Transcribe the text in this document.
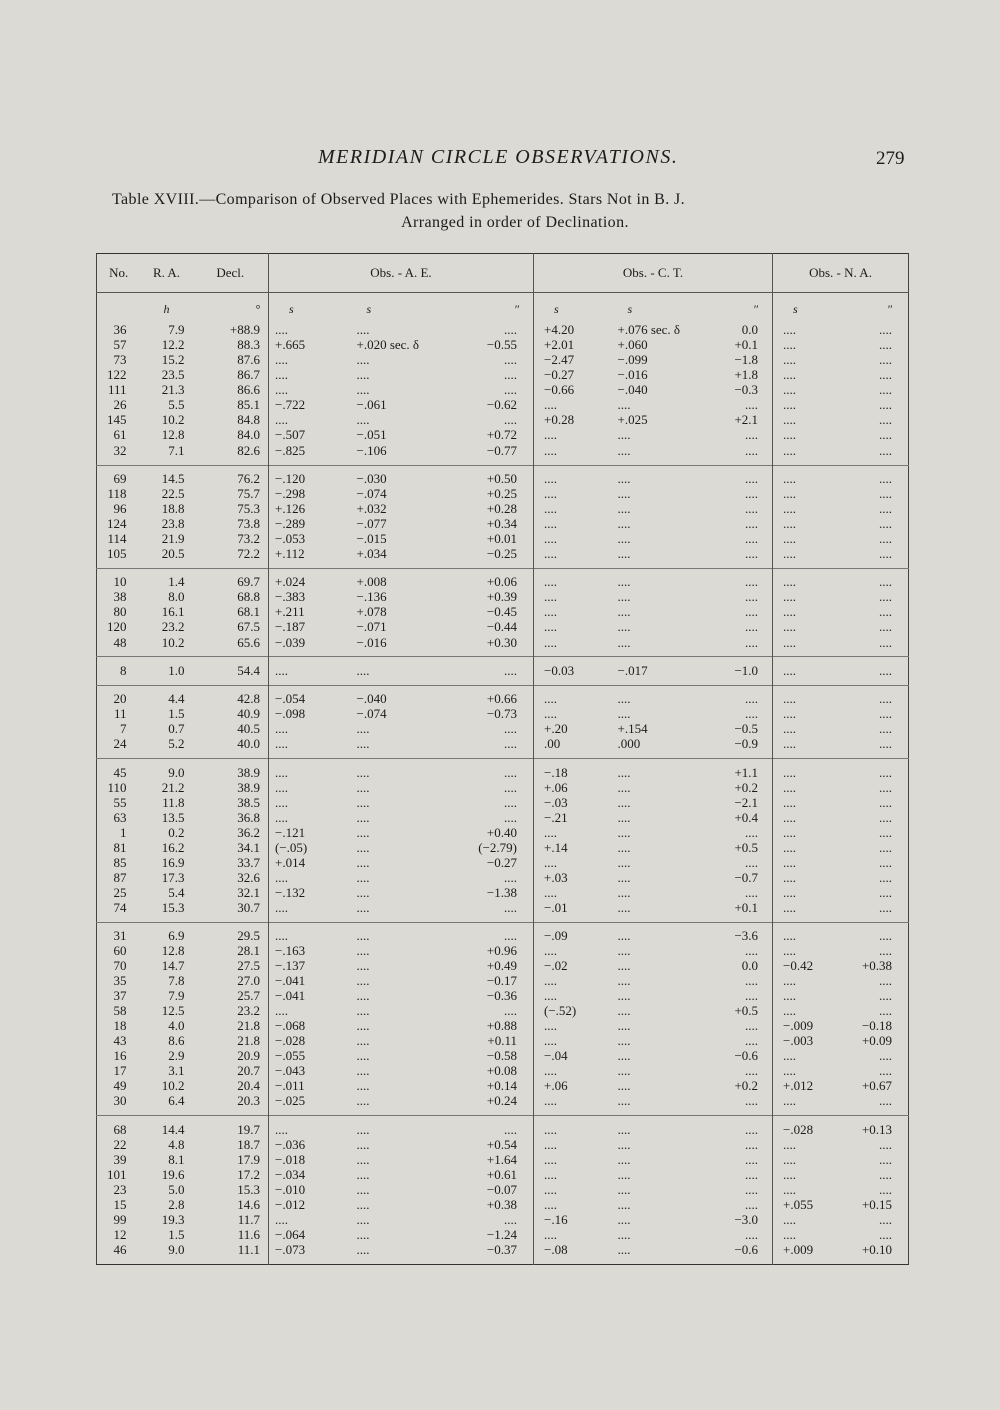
MERIDIAN CIRCLE OBSERVATIONS.	279
Table XVIII.—Comparison of Observed Places with Ephemerides. Stars Not in B. J.
Arranged in order of Declination.
No.	R. A.	Decl.	Obs. - A. E.			Obs. - C. T.			Obs. - N. A.	
	h	°	s	s	″	s	s	″	s	″
36	7.9	+88.9	....	....	....	+4.20	+.076 sec. δ	0.0	....	....
57	12.2	88.3	+.665	+.020 sec. δ	−0.55	+2.01	+.060	+0.1	....	....
73	15.2	87.6	....	....	....	−2.47	−.099	−1.8	....	....
122	23.5	86.7	....	....	....	−0.27	−.016	+1.8	....	....
111	21.3	86.6	....	....	....	−0.66	−.040	−0.3	....	....
26	5.5	85.1	−.722	−.061	−0.62	....	....	....	....	....
145	10.2	84.8	....	....	....	+0.28	+.025	+2.1	....	....
61	12.8	84.0	−.507	−.051	+0.72	....	....	....	....	....
32	7.1	82.6	−.825	−.106	−0.77	....	....	....	....	....
69	14.5	76.2	−.120	−.030	+0.50	....	....	....	....	....
118	22.5	75.7	−.298	−.074	+0.25	....	....	....	....	....
96	18.8	75.3	+.126	+.032	+0.28	....	....	....	....	....
124	23.8	73.8	−.289	−.077	+0.34	....	....	....	....	....
114	21.9	73.2	−.053	−.015	+0.01	....	....	....	....	....
105	20.5	72.2	+.112	+.034	−0.25	....	....	....	....	....
10	1.4	69.7	+.024	+.008	+0.06	....	....	....	....	....
38	8.0	68.8	−.383	−.136	+0.39	....	....	....	....	....
80	16.1	68.1	+.211	+.078	−0.45	....	....	....	....	....
120	23.2	67.5	−.187	−.071	−0.44	....	....	....	....	....
48	10.2	65.6	−.039	−.016	+0.30	....	....	....	....	....
8	1.0	54.4	....	....	....	−0.03	−.017	−1.0	....	....
20	4.4	42.8	−.054	−.040	+0.66	....	....	....	....	....
11	1.5	40.9	−.098	−.074	−0.73	....	....	....	....	....
7	0.7	40.5	....	....	....	+.20	+.154	−0.5	....	....
24	5.2	40.0	....	....	....	.00	.000	−0.9	....	....
45	9.0	38.9	....	....	....	−.18	....	+1.1	....	....
110	21.2	38.9	....	....	....	+.06	....	+0.2	....	....
55	11.8	38.5	....	....	....	−.03	....	−2.1	....	....
63	13.5	36.8	....	....	....	−.21	....	+0.4	....	....
1	0.2	36.2	−.121	....	+0.40	....	....	....	....	....
81	16.2	34.1	(−.05)	....	(−2.79)	+.14	....	+0.5	....	....
85	16.9	33.7	+.014	....	−0.27	....	....	....	....	....
87	17.3	32.6	....	....	....	+.03	....	−0.7	....	....
25	5.4	32.1	−.132	....	−1.38	....	....	....	....	....
74	15.3	30.7	....	....	....	−.01	....	+0.1	....	....
31	6.9	29.5	....	....	....	−.09	....	−3.6	....	....
60	12.8	28.1	−.163	....	+0.96	....	....	....	....	....
70	14.7	27.5	−.137	....	+0.49	−.02	....	0.0	−0.42	+0.38
35	7.8	27.0	−.041	....	−0.17	....	....	....	....	....
37	7.9	25.7	−.041	....	−0.36	....	....	....	....	....
58	12.5	23.2	....	....	....	(−.52)	....	+0.5	....	....
18	4.0	21.8	−.068	....	+0.88	....	....	....	−.009	−0.18
43	8.6	21.8	−.028	....	+0.11	....	....	....	−.003	+0.09
16	2.9	20.9	−.055	....	−0.58	−.04	....	−0.6	....	....
17	3.1	20.7	−.043	....	+0.08	....	....	....	....	....
49	10.2	20.4	−.011	....	+0.14	+.06	....	+0.2	+.012	+0.67
30	6.4	20.3	−.025	....	+0.24	....	....	....	....	....
68	14.4	19.7	....	....	....	....	....	....	−.028	+0.13
22	4.8	18.7	−.036	....	+0.54	....	....	....	....	....
39	8.1	17.9	−.018	....	+1.64	....	....	....	....	....
101	19.6	17.2	−.034	....	+0.61	....	....	....	....	....
23	5.0	15.3	−.010	....	−0.07	....	....	....	....	....
15	2.8	14.6	−.012	....	+0.38	....	....	....	+.055	+0.15
99	19.3	11.7	....	....	....	−.16	....	−3.0	....	....
12	1.5	11.6	−.064	....	−1.24	....	....	....	....	....
46	9.0	11.1	−.073	....	−0.37	−.08	....	−0.6	+.009	+0.10
